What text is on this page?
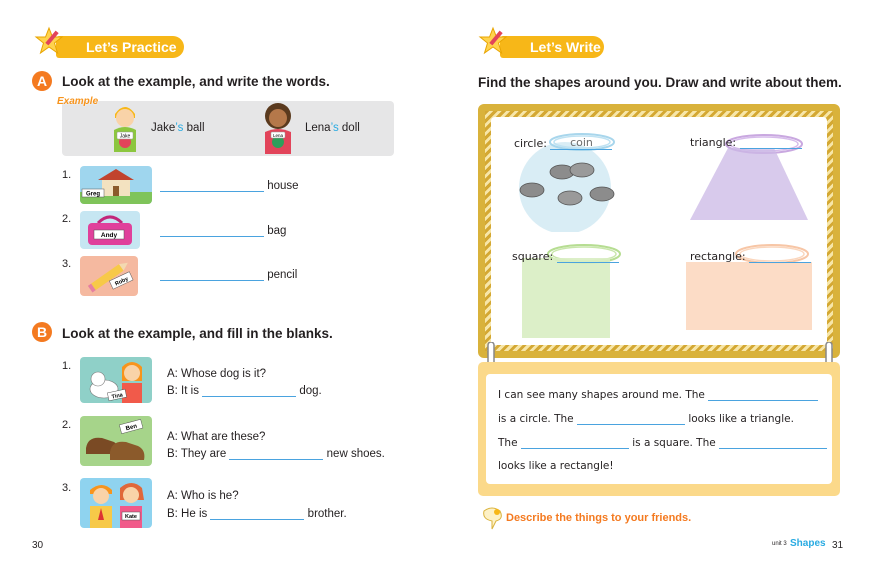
Let’s Practice
A	Look at the example, and write the words.
Example
Jake
Jake’s ball
Lena
Lena’s doll
1.
Greg
house
2.
Andy	bag
3.
Roby
pencil
B	Look at the example, and fill in the blanks.
1.
Tina
A: Whose dog is it?
B: It is	dog.
2.	Ben
A: What are these?
B: They are	new shoes.
3.
Kate
A: Who is he?
B: He is	brother.
30
Let’s Write
Find the shapes around you. Draw and write about them.
circle: coin	triangle:
square:	rectangle:
I can see many shapes around me. The
is a circle. The	looks like a triangle.
The	is a square. The
looks like a rectangle!
Describe the things to your friends.
unit 3 Shapes 31
